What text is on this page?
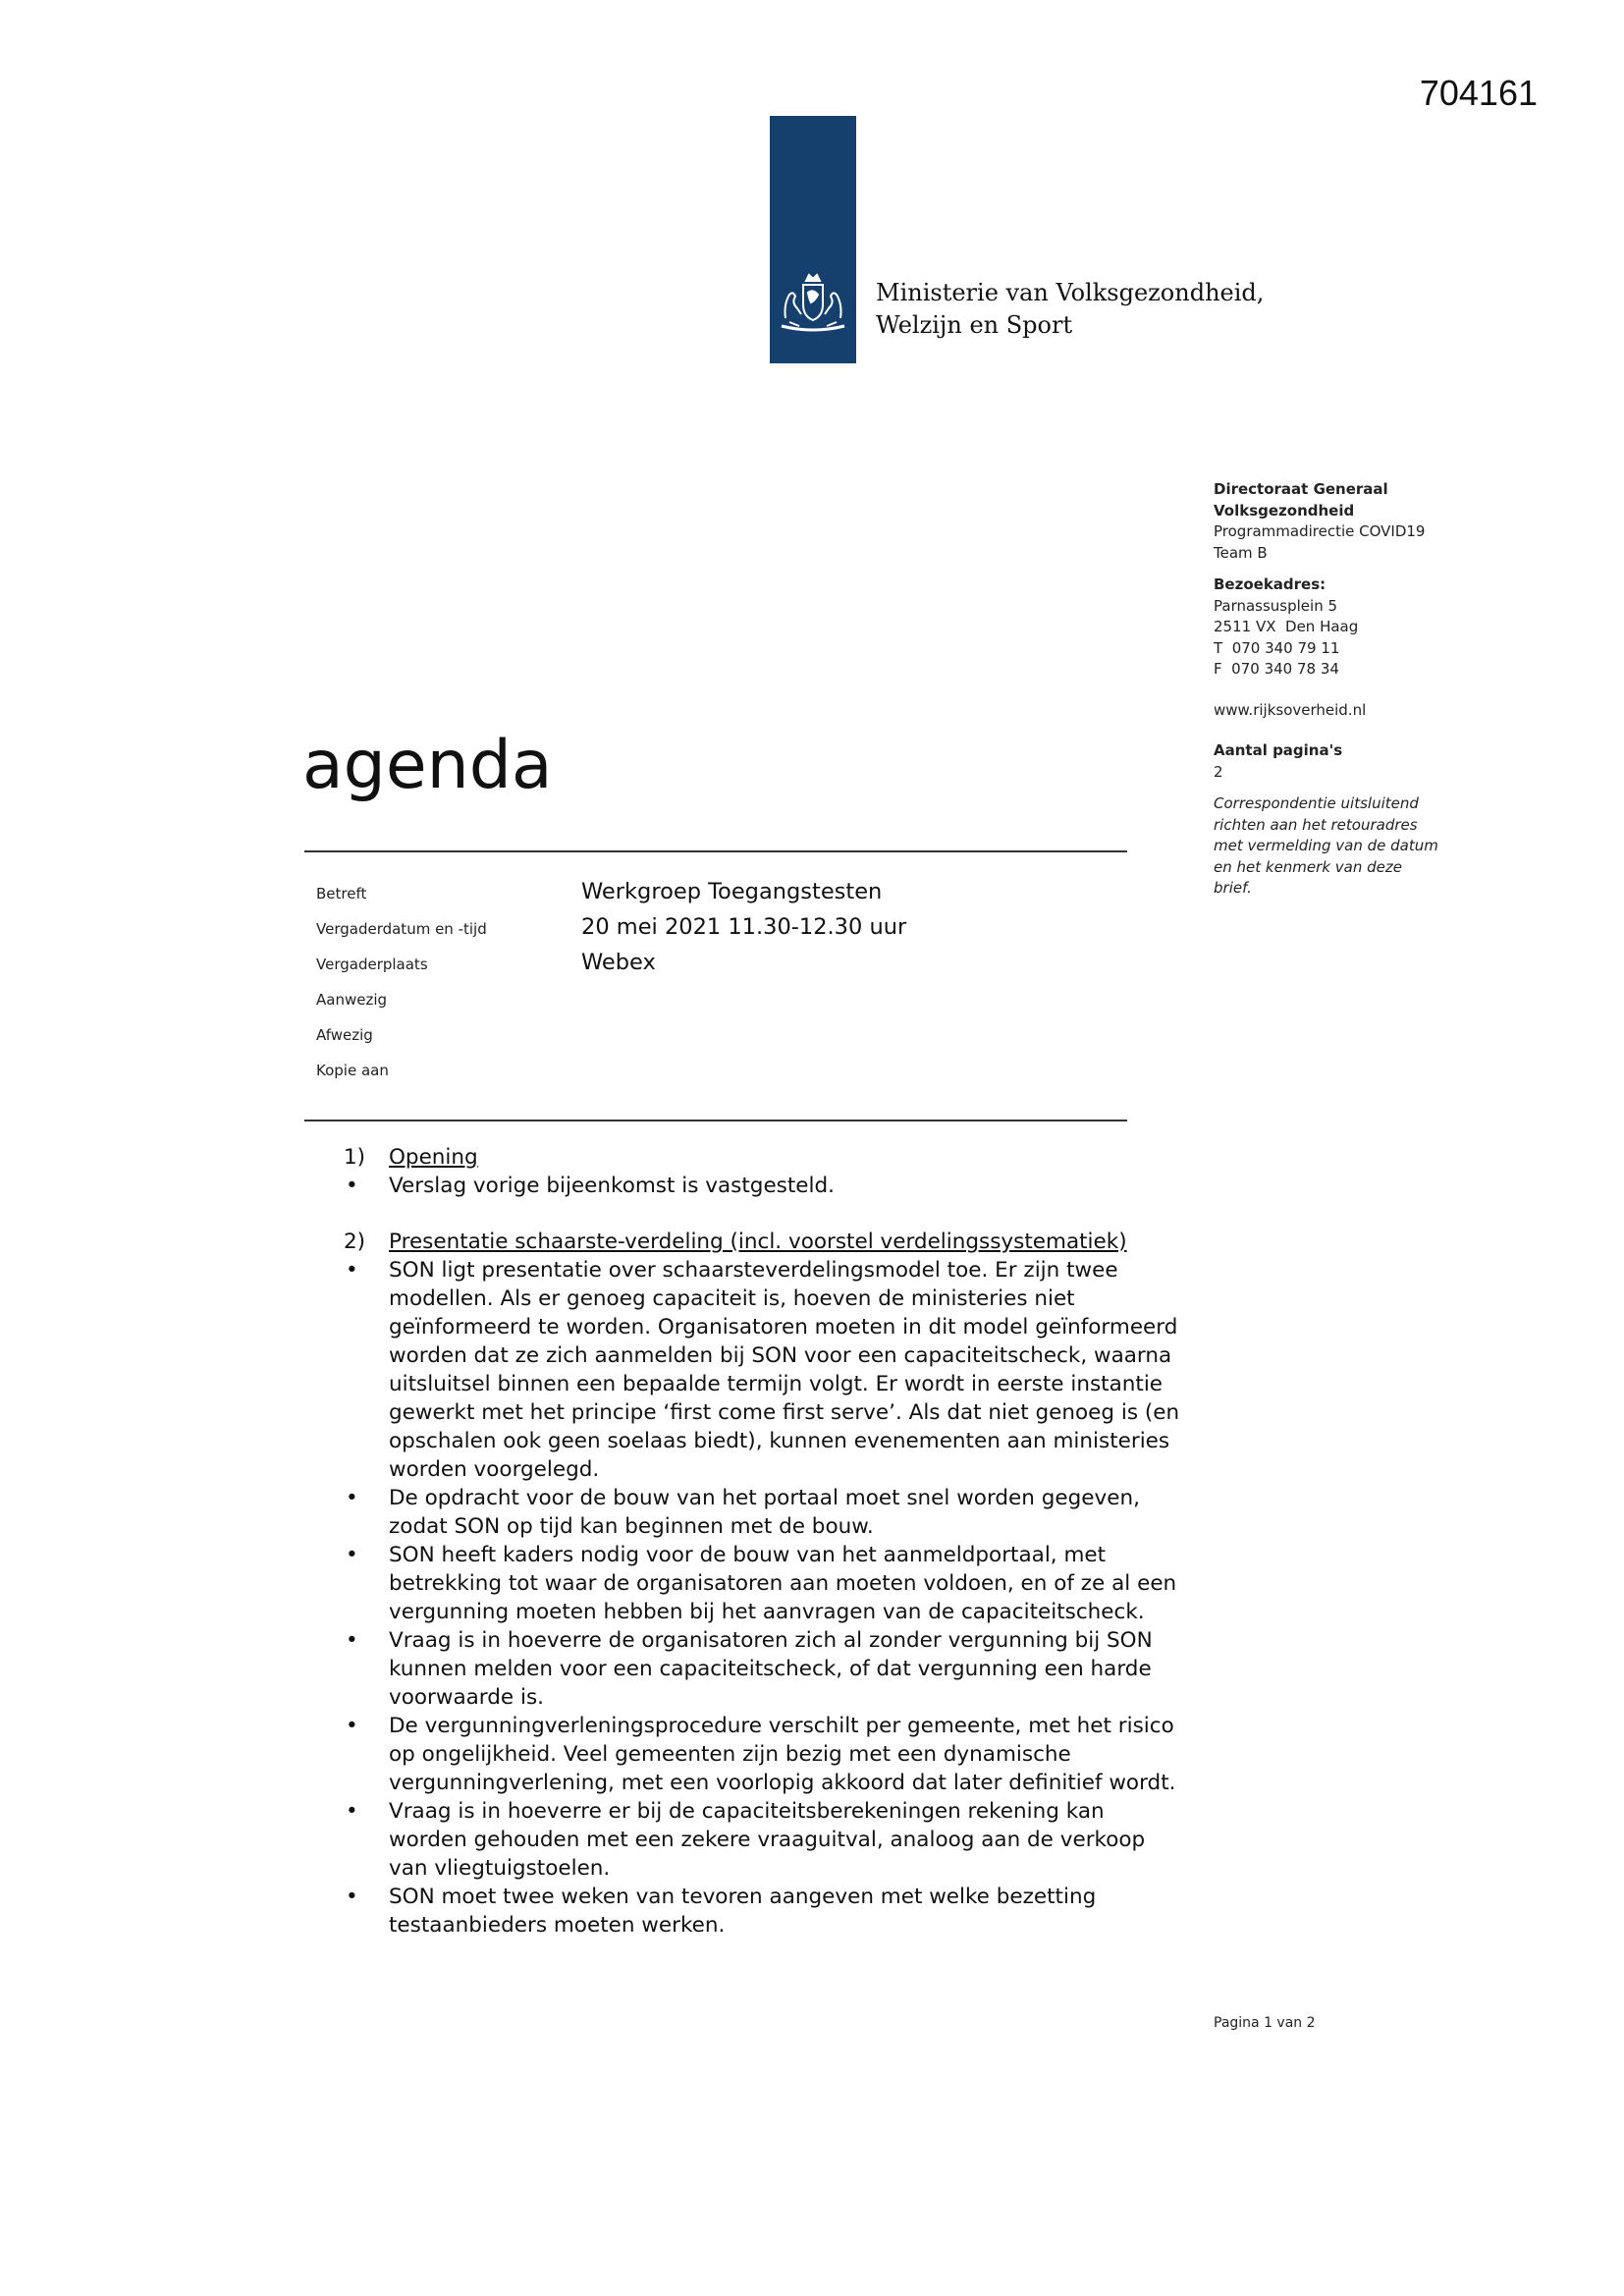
704161
Ministerie van Volksgezondheid,
Welzijn en Sport
Directoraat Generaal
Volksgezondheid
Programmadirectie COVID19
Team B
Bezoekadres:
Parnassusplein 5
2511 VX  Den Haag
T  070 340 79 11
F  070 340 78 34
www.rijksoverheid.nl
Aantal pagina's
2
Correspondentie uitsluitend
richten aan het retouradres
met vermelding van de datum
en het kenmerk van deze
brief.
agenda
Betreft
Vergaderdatum en -tijd
Vergaderplaats
Aanwezig
Afwezig
Kopie aan
Werkgroep Toegangstesten
20 mei 2021 11.30-12.30 uur
Webex
1)	Opening
• Verslag vorige bijeenkomst is vastgesteld.
2)	Presentatie schaarste-verdeling (incl. voorstel verdelingssystematiek)
• SON ligt presentatie over schaarsteverdelingsmodel toe. Er zijn twee
modellen. Als er genoeg capaciteit is, hoeven de ministeries niet
geïnformeerd te worden. Organisatoren moeten in dit model geïnformeerd
worden dat ze zich aanmelden bij SON voor een capaciteitscheck, waarna
uitsluitsel binnen een bepaalde termijn volgt. Er wordt in eerste instantie
gewerkt met het principe ‘first come first serve’. Als dat niet genoeg is (en
opschalen ook geen soelaas biedt), kunnen evenementen aan ministeries
worden voorgelegd.
• De opdracht voor de bouw van het portaal moet snel worden gegeven,
zodat SON op tijd kan beginnen met de bouw.
• SON heeft kaders nodig voor de bouw van het aanmeldportaal, met
betrekking tot waar de organisatoren aan moeten voldoen, en of ze al een
vergunning moeten hebben bij het aanvragen van de capaciteitscheck.
• Vraag is in hoeverre de organisatoren zich al zonder vergunning bij SON
kunnen melden voor een capaciteitscheck, of dat vergunning een harde
voorwaarde is.
• De vergunningverleningsprocedure verschilt per gemeente, met het risico
op ongelijkheid. Veel gemeenten zijn bezig met een dynamische
vergunningverlening, met een voorlopig akkoord dat later definitief wordt.
• Vraag is in hoeverre er bij de capaciteitsberekeningen rekening kan
worden gehouden met een zekere vraaguitval, analoog aan de verkoop
van vliegtuigstoelen.
• SON moet twee weken van tevoren aangeven met welke bezetting
testaanbieders moeten werken.
Pagina 1 van 2
